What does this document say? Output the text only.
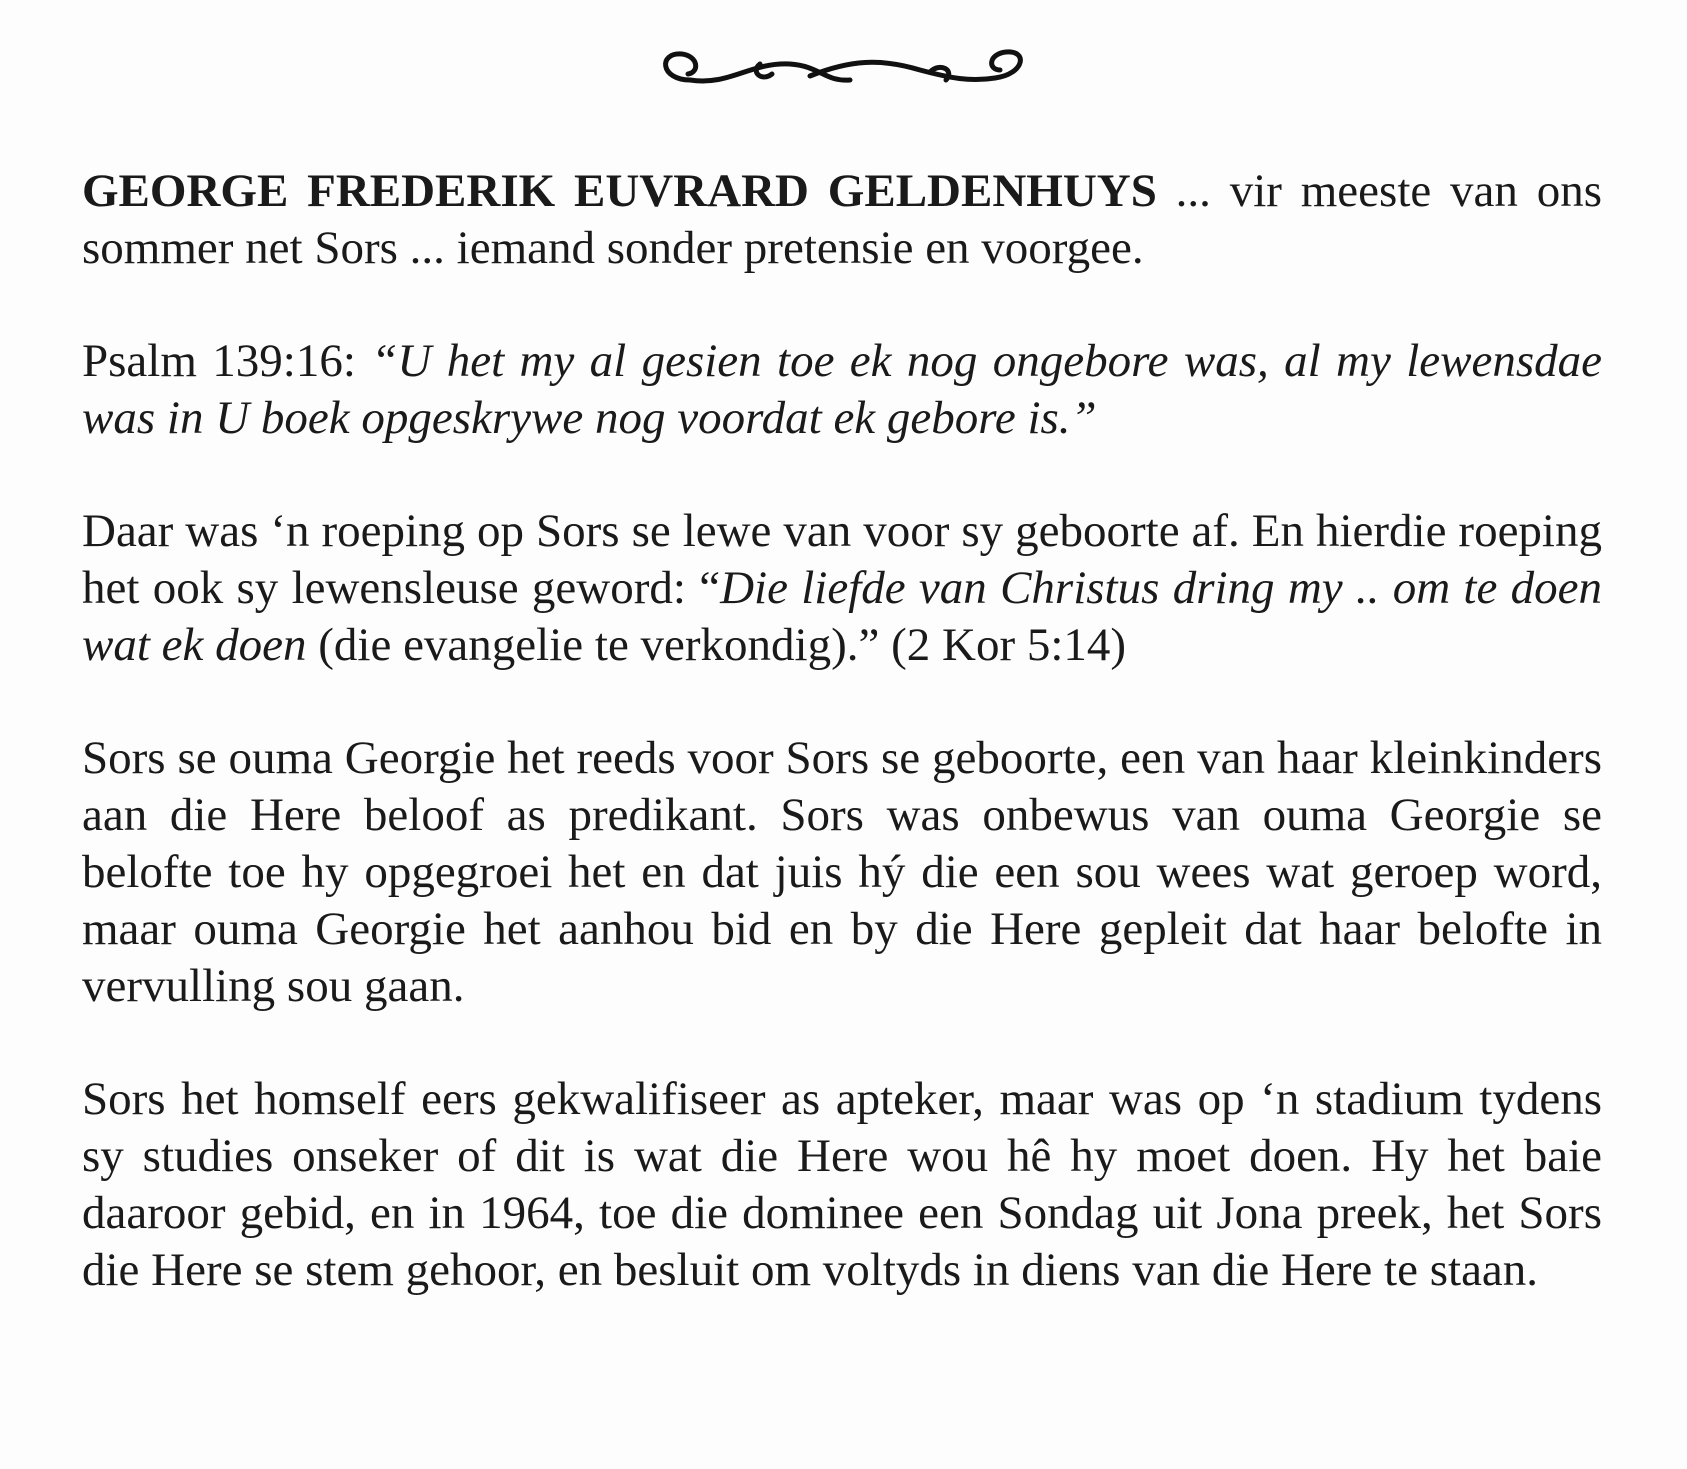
GEORGE FREDERIK EUVRARD GELDENHUYS ... vir meeste van ons sommer net Sors ... iemand sonder pretensie en voorgee.

Psalm 139:16: “U het my al gesien toe ek nog ongebore was, al my lewensdae was in U boek opgeskrywe nog voordat ek gebore is.”

Daar was ‘n roeping op Sors se lewe van voor sy geboorte af. En hierdie roeping het ook sy lewensleuse geword: “Die liefde van Christus dring my .. om te doen wat ek doen (die evangelie te verkondig).” (2 Kor 5:14)

Sors se ouma Georgie het reeds voor Sors se geboorte, een van haar kleinkinders aan die Here beloof as predikant. Sors was onbewus van ouma Georgie se belofte toe hy opgegroei het en dat juis hý die een sou wees wat geroep word, maar ouma Georgie het aanhou bid en by die Here gepleit dat haar belofte in vervulling sou gaan.

Sors het homself eers gekwalifiseer as apteker, maar was op ‘n stadium tydens sy studies onseker of dit is wat die Here wou hê hy moet doen. Hy het baie daaroor gebid, en in 1964, toe die dominee een Sondag uit Jona preek, het Sors die Here se stem gehoor, en besluit om voltyds in diens van die Here te staan.
